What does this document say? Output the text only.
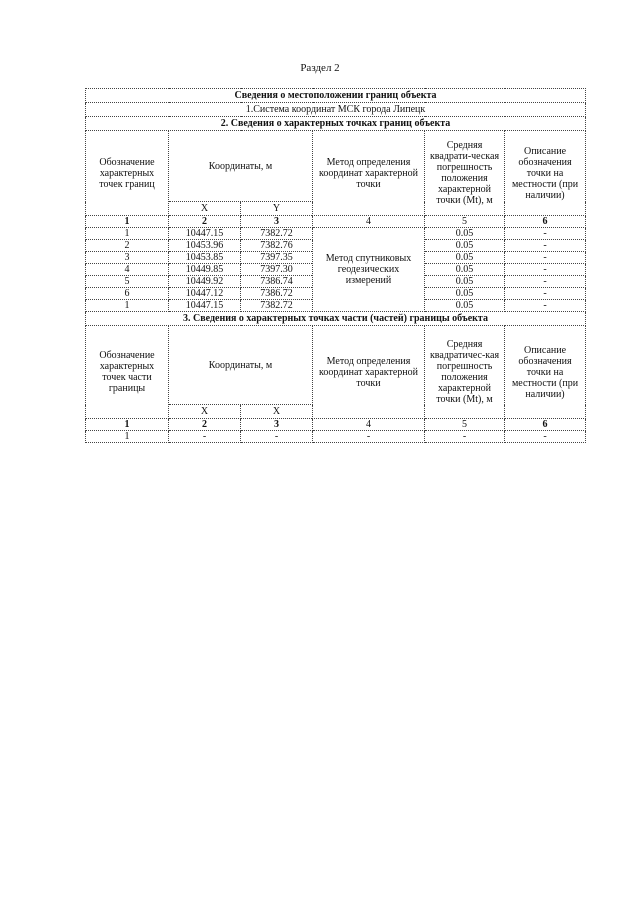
Раздел 2
Сведения о местоположении границ объекта					
1.Система координат МСК города Липецк					
2. Сведения о характерных точках границ объекта					
Обозначение характерных точек границ	Координаты, м		Метод определения координат характерной точки	Средняя квадрати-ческая погрешность положения характерной точки (Mt), м	Описание обозначения точки на местности (при наличии)
	X	Y			
1	2	3	4	5	6
1	10447.15	7382.72	Метод спутниковых геодезических измерений	0.05	-
2	10453.96	7382.76		0.05	-
3	10453.85	7397.35		0.05	-
4	10449.85	7397.30		0.05	-
5	10449.92	7386.74		0.05	-
6	10447.12	7386.72		0.05	-
1	10447.15	7382.72		0.05	-
3. Сведения о характерных точках части (частей) границы объекта					
Обозначение характерных точек части границы	Координаты, м		Метод определения координат характерной точки	Средняя квадратичес-кая погрешность положения характерной точки (Mt), м	Описание обозначения точки на местности (при наличии)
	X	X			
1	2	3	4	5	6
1	-	-	-	-	-
